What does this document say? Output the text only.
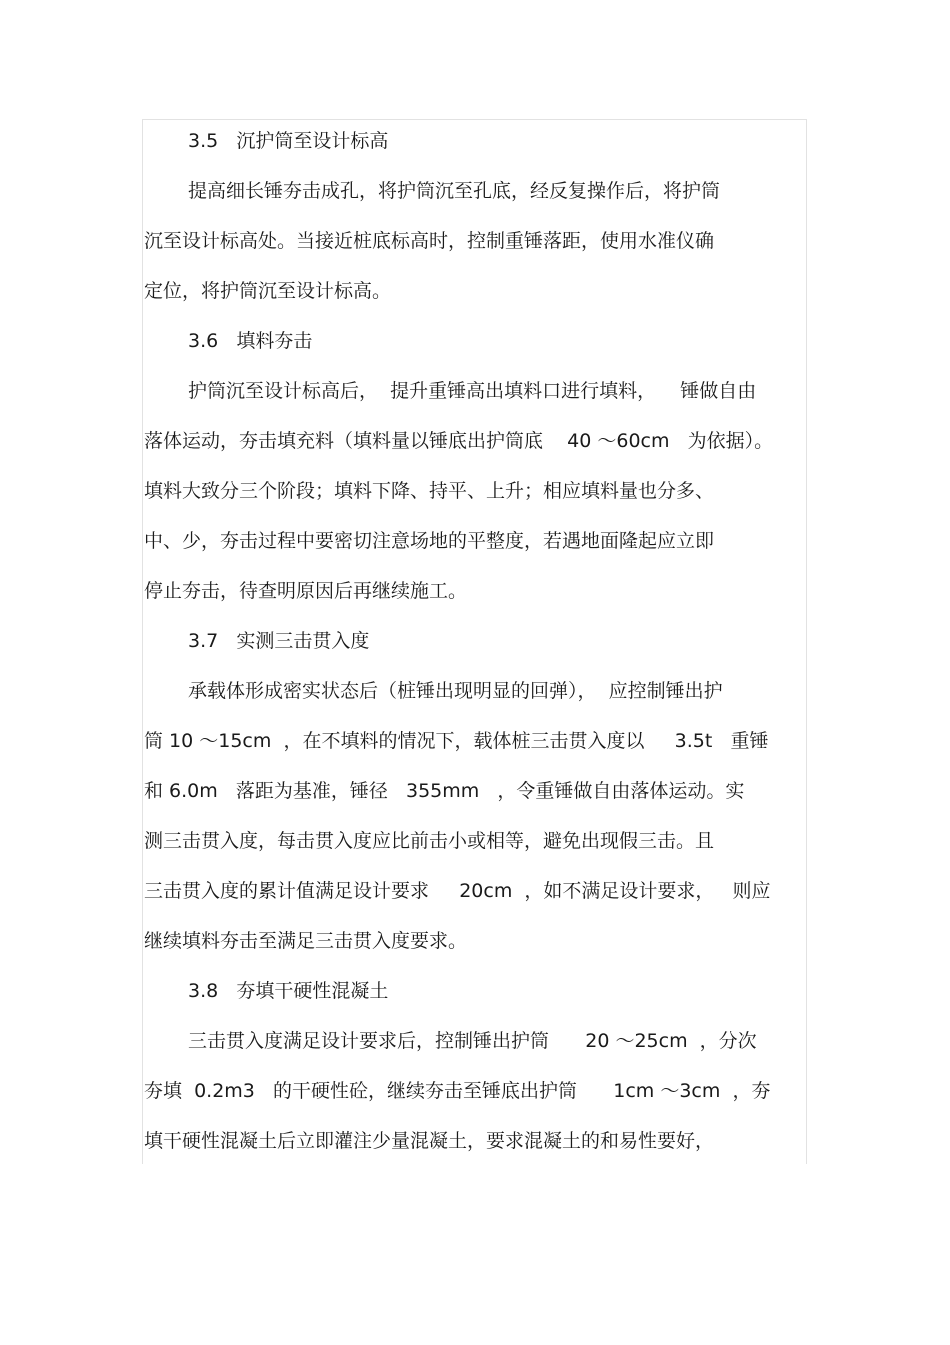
3.5   沉护筒至设计标高
提高细长锤夯击成孔，将护筒沉至孔底，经反复操作后，将护筒
沉至设计标高处。当接近桩底标高时，控制重锤落距，使用水准仪确
定位，将护筒沉至设计标高。
3.6   填料夯击
护筒沉至设计标高后，  提升重锤高出填料口进行填料，    锤做自由
落体运动，夯击填充料（填料量以锤底出护筒底    40 ～60cm   为依据）。
填料大致分三个阶段；填料下降、持平、上升；相应填料量也分多、
中、少，夯击过程中要密切注意场地的平整度，若遇地面隆起应立即
停止夯击，待查明原因后再继续施工。
3.7   实测三击贯入度
承载体形成密实状态后（桩锤出现明显的回弹），  应控制锤出护
筒 10 ～15cm  ，在不填料的情况下，载体桩三击贯入度以     3.5t   重锤
和 6.0m   落距为基准，锤径   355mm   ，令重锤做自由落体运动。实
测三击贯入度，每击贯入度应比前击小或相等，避免出现假三击。且
三击贯入度的累计值满足设计要求     20cm  ，如不满足设计要求，   则应
继续填料夯击至满足三击贯入度要求。
3.8   夯填干硬性混凝土
三击贯入度满足设计要求后，控制锤出护筒      20 ～25cm  ，分次
夯填  0.2m3   的干硬性砼，继续夯击至锤底出护筒      1cm ～3cm  ，夯
填干硬性混凝土后立即灌注少量混凝土，要求混凝土的和易性要好，
